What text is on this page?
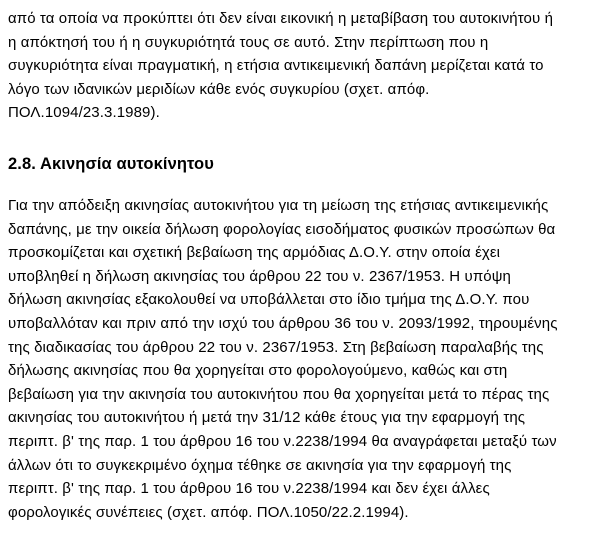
από τα οποία να προκύπτει ότι δεν είναι εικονική η μεταβίβαση του αυτοκινήτου ή
η απόκτησή του ή η συγκυριότητά τους σε αυτό. Στην περίπτωση που η
συγκυριότητα είναι πραγματική, η ετήσια αντικειμενική δαπάνη μερίζεται κατά το
λόγο των ιδανικών μεριδίων κάθε ενός συγκυρίου (σχετ. απόφ.
ΠΟΛ.1094/23.3.1989).
2.8. Ακινησία αυτοκίνητου
Για την απόδειξη ακινησίας αυτοκινήτου για τη μείωση της ετήσιας αντικειμενικής
δαπάνης, με την οικεία δήλωση φορολογίας εισοδήματος φυσικών προσώπων θα
προσκομίζεται και σχετική βεβαίωση της αρμόδιας Δ.Ο.Υ. στην οποία έχει
υποβληθεί η δήλωση ακινησίας του άρθρου 22 του ν. 2367/1953. Η υπόψη
δήλωση ακινησίας εξακολουθεί να υποβάλλεται στο ίδιο τμήμα της Δ.Ο.Υ. που
υποβαλλόταν και πριν από την ισχύ του άρθρου 36 του ν. 2093/1992, τηρουμένης
της διαδικασίας του άρθρου 22 του ν. 2367/1953. Στη βεβαίωση παραλαβής της
δήλωσης ακινησίας που θα χορηγείται στο φορολογούμενο, καθώς και στη
βεβαίωση για την ακινησία του αυτοκινήτου που θα χορηγείται μετά το πέρας της
ακινησίας του αυτοκινήτου ή μετά την 31/12 κάθε έτους για την εφαρμογή της
περιπτ. β' της παρ. 1 του άρθρου 16 του ν.2238/1994 θα αναγράφεται μεταξύ των
άλλων ότι το συγκεκριμένο όχημα τέθηκε σε ακινησία για την εφαρμογή της
περιπτ. β' της παρ. 1 του άρθρου 16 του ν.2238/1994 και δεν έχει άλλες
φορολογικές συνέπειες (σχετ. απόφ. ΠΟΛ.1050/22.2.1994).
